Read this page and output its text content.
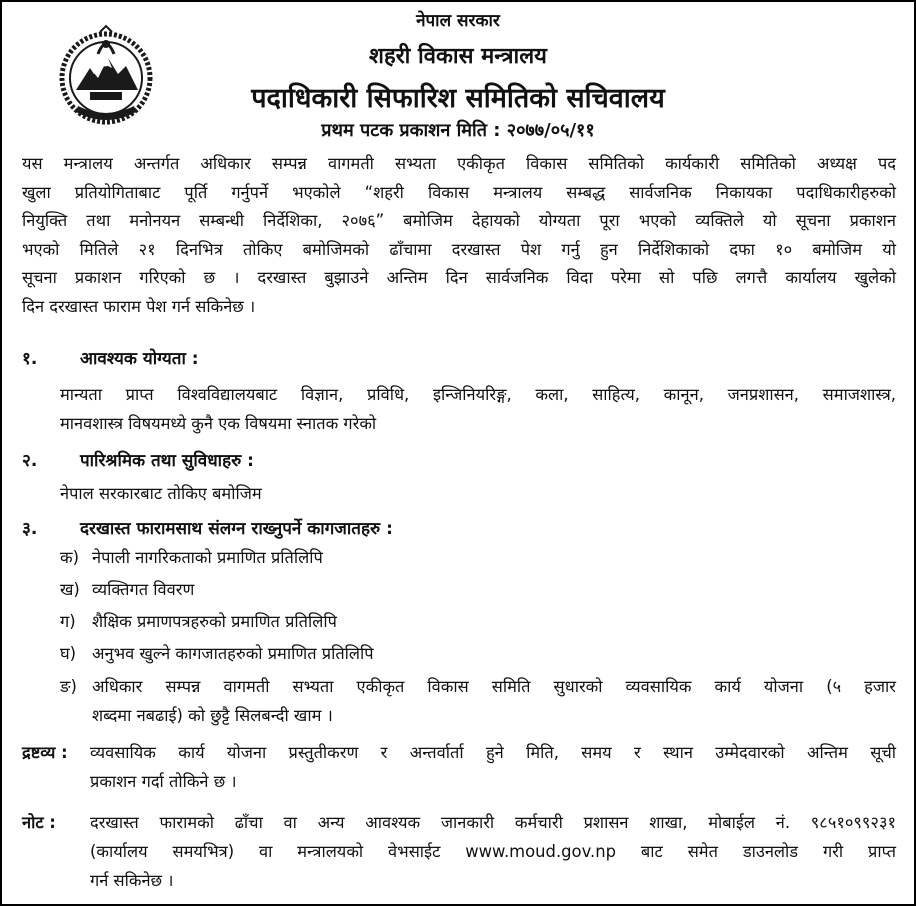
नेपाल सरकार
शहरी विकास मन्त्रालय
पदाधिकारी सिफारिश समितिको सचिवालय
प्रथम पटक प्रकाशन मिति : २०७७/०५/११
यस मन्त्रालय अन्तर्गत अधिकार सम्पन्न वागमती सभ्यता एकीकृत विकास समितिको कार्यकारी समितिको अध्यक्ष पद
खुला प्रतियोगिताबाट पूर्ति गर्नुपर्ने भएकोले “शहरी विकास मन्त्रालय सम्बद्ध सार्वजनिक निकायका पदाधिकारीहरुको
नियुक्ति तथा मनोनयन सम्बन्धी निर्देशिका, २०७६” बमोजिम देहायको योग्यता पूरा भएको व्यक्तिले यो सूचना प्रकाशन
भएको मितिले २१ दिनभित्र तोकिए बमोजिमको ढाँचामा दरखास्त पेश गर्नु हुन निर्देशिकाको दफा १० बमोजिम यो
सूचना प्रकाशन गरिएको छ । दरखास्त बुझाउने अन्तिम दिन सार्वजनिक विदा परेमा सो पछि लगत्तै कार्यालय खुलेको
दिन दरखास्त फाराम पेश गर्न सकिनेछ ।
१.	आवश्यक योग्यता :
मान्यता प्राप्त विश्वविद्यालयबाट विज्ञान, प्रविधि, इन्जिनियरिङ्ग, कला, साहित्य, कानून, जनप्रशासन, समाजशास्त्र,
मानवशास्त्र विषयमध्ये कुनै एक विषयमा स्नातक गरेको
२.	पारिश्रमिक तथा सुविधाहरु :
नेपाल सरकारबाट तोकिए बमोजिम
३.	दरखास्त फारामसाथ संलग्न राख्नुपर्ने कागजातहरु :
क) नेपाली नागरिकताको प्रमाणित प्रतिलिपि
ख) व्यक्तिगत विवरण
ग) शैक्षिक प्रमाणपत्रहरुको प्रमाणित प्रतिलिपि
घ) अनुभव खुल्ने कागजातहरुको प्रमाणित प्रतिलिपि
ङ) अधिकार सम्पन्न वागमती सभ्यता एकीकृत विकास समिति सुधारको व्यवसायिक कार्य योजना (५ हजार
शब्दमा नबढाई) को छुट्टै सिलबन्दी खाम ।
द्रष्टव्य : व्यवसायिक कार्य योजना प्रस्तुतीकरण र अन्तर्वार्ता हुने मिति, समय र स्थान उम्मेदवारको अन्तिम सूची
प्रकाशन गर्दा तोकिने छ ।
नोट : दरखास्त फारामको ढाँचा वा अन्य आवश्यक जानकारी कर्मचारी प्रशासन शाखा, मोबाईल नं. ९८५१०९९२३१
(कार्यालय समयभित्र) वा मन्त्रालयको वेभसाईट www.moud.gov.np बाट समेत डाउनलोड गरी प्राप्त
गर्न सकिनेछ ।
